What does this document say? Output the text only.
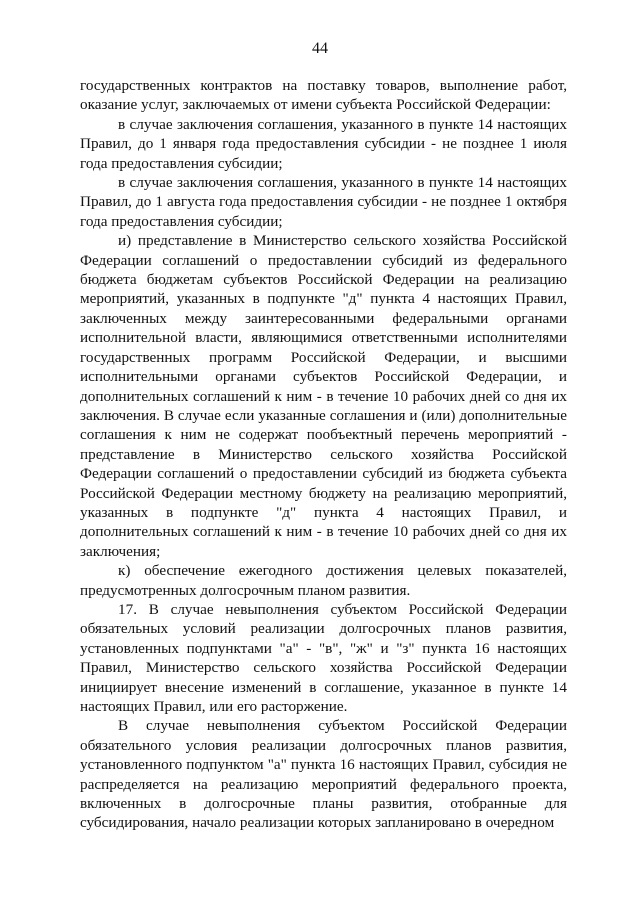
44

государственных контрактов на поставку товаров, выполнение работ, оказание услуг, заключаемых от имени субъекта Российской Федерации:

в случае заключения соглашения, указанного в пункте 14 настоящих Правил, до 1 января года предоставления субсидии - не позднее 1 июля года предоставления субсидии;

в случае заключения соглашения, указанного в пункте 14 настоящих Правил, до 1 августа года предоставления субсидии - не позднее 1 октября года предоставления субсидии;

и) представление в Министерство сельского хозяйства Российской Федерации соглашений о предоставлении субсидий из федерального бюджета бюджетам субъектов Российской Федерации на реализацию мероприятий, указанных в подпункте "д" пункта 4 настоящих Правил, заключенных между заинтересованными федеральными органами исполнительной власти, являющимися ответственными исполнителями государственных программ Российской Федерации, и высшими исполнительными органами субъектов Российской Федерации, и дополнительных соглашений к ним - в течение 10 рабочих дней со дня их заключения. В случае если указанные соглашения и (или) дополнительные соглашения к ним не содержат пообъектный перечень мероприятий - представление в Министерство сельского хозяйства Российской Федерации соглашений о предоставлении субсидий из бюджета субъекта Российской Федерации местному бюджету на реализацию мероприятий, указанных в подпункте "д" пункта 4 настоящих Правил, и дополнительных соглашений к ним - в течение 10 рабочих дней со дня их заключения;

к) обеспечение ежегодного достижения целевых показателей, предусмотренных долгосрочным планом развития.

17. В случае невыполнения субъектом Российской Федерации обязательных условий реализации долгосрочных планов развития, установленных подпунктами "а" - "в", "ж" и "з" пункта 16 настоящих Правил, Министерство сельского хозяйства Российской Федерации инициирует внесение изменений в соглашение, указанное в пункте 14 настоящих Правил, или его расторжение.

В случае невыполнения субъектом Российской Федерации обязательного условия реализации долгосрочных планов развития, установленного подпунктом "а" пункта 16 настоящих Правил, субсидия не распределяется на реализацию мероприятий федерального проекта, включенных в долгосрочные планы развития, отобранные для субсидирования, начало реализации которых запланировано в очередном
